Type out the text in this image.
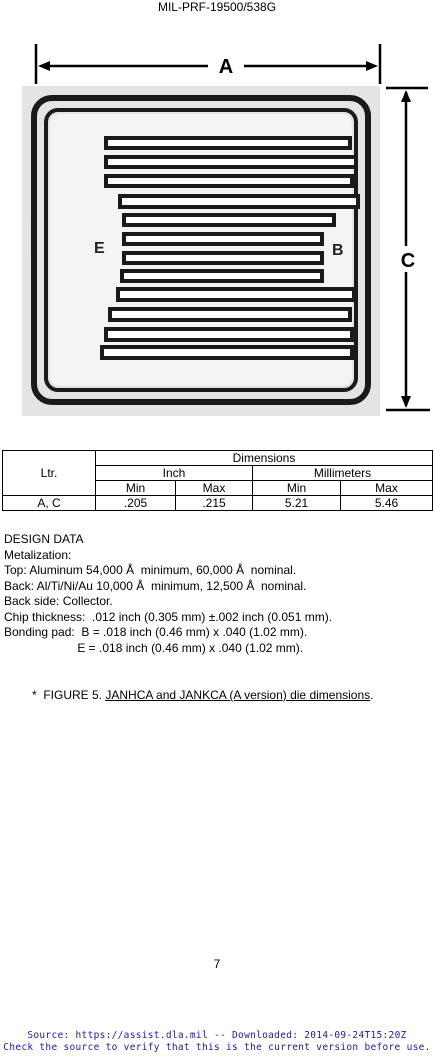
MIL-PRF-19500/538G
E	B
A
C
Ltr.	Dimensions			
	Inch		Millimeters	
	Min	Max	Min	Max
A, C	.205	.215	5.21	5.46
DESIGN DATA
Metalization:
Top: Aluminum 54,000 Å  minimum, 60,000 Å  nominal.
Back: Al/Ti/Ni/Au 10,000 Å  minimum, 12,500 Å  nominal.
Back side: Collector.
Chip thickness:  .012 inch (0.305 mm) ±.002 inch (0.051 mm).
Bonding pad:  B = .018 inch (0.46 mm) x .040 (1.02 mm).
E = .018 inch (0.46 mm) x .040 (1.02 mm).
*  FIGURE 5. JANHCA and JANKCA (A version) die dimensions.
7
Source: https://assist.dla.mil -- Downloaded: 2014-09-24T15:20Z
Check the source to verify that this is the current version before use.
